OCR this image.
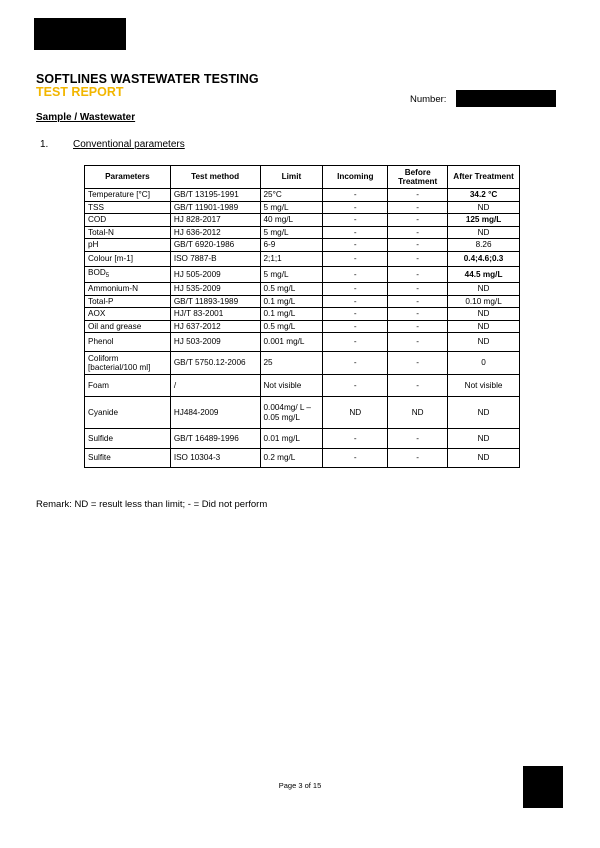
SOFTLINES WASTEWATER TESTING
TEST REPORT
Number:
Sample / Wastewater
1. Conventional parameters
Parameters	Test method	Limit	Incoming	Before Treatment	After Treatment
Temperature [°C]	GB/T 13195-1991	25°C	-	-	34.2 °C
TSS	GB/T 11901-1989	5 mg/L	-	-	ND
COD	HJ 828-2017	40 mg/L	-	-	125 mg/L
Total-N	HJ 636-2012	5 mg/L	-	-	ND
pH	GB/T 6920-1986	6-9	-	-	8.26
Colour [m-1]	ISO 7887-B	2;1;1	-	-	0.4;4.6;0.3
$BOD_5$	HJ 505-2009	5 mg/L	-	-	44.5 mg/L
Ammonium-N	HJ 535-2009	0.5 mg/L	-	-	ND
Total-P	GB/T 11893-1989	0.1 mg/L	-	-	0.10 mg/L
AOX	HJ/T 83-2001	0.1 mg/L	-	-	ND
Oil and grease	HJ 637-2012	0.5 mg/L	-	-	ND
Phenol	HJ 503-2009	0.001 mg/L	-	-	ND
Coliform [bacterial/100 ml]	GB/T 5750.12-2006	25	-	-	0
Foam	/	Not visible	-	-	Not visible
Cyanide	HJ484-2009	0.004mg/ L – 0.05 mg/L	ND	ND	ND
Sulfide	GB/T 16489-1996	0.01 mg/L	-	-	ND
Sulfite	ISO 10304-3	0.2 mg/L	-	-	ND
Remark: ND = result less than limit; - = Did not perform
Page 3 of 15
